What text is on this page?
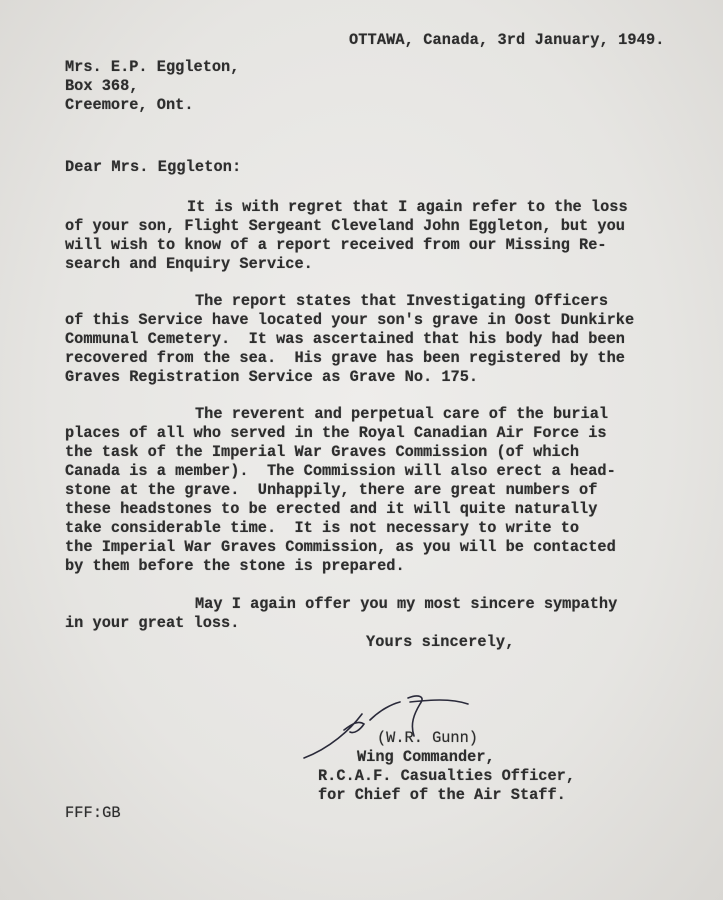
OTTAWA, Canada, 3rd January, 1949.
Mrs. E.P. Eggleton,
Box 368,
Creemore, Ont.
Dear Mrs. Eggleton:
It is with regret that I again refer to the loss
of your son, Flight Sergeant Cleveland John Eggleton, but you
will wish to know of a report received from our Missing Re-
search and Enquiry Service.
The report states that Investigating Officers
of this Service have located your son's grave in Oost Dunkirke
Communal Cemetery.  It was ascertained that his body had been
recovered from the sea.  His grave has been registered by the
Graves Registration Service as Grave No. 175.
The reverent and perpetual care of the burial
places of all who served in the Royal Canadian Air Force is
the task of the Imperial War Graves Commission (of which
Canada is a member).  The Commission will also erect a head-
stone at the grave.  Unhappily, there are great numbers of
these headstones to be erected and it will quite naturally
take considerable time.  It is not necessary to write to
the Imperial War Graves Commission, as you will be contacted
by them before the stone is prepared.
May I again offer you my most sincere sympathy
in your great loss.
Yours sincerely,
(W.R. Gunn)
Wing Commander,
R.C.A.F. Casualties Officer,
for Chief of the Air Staff.
FFF:GB
